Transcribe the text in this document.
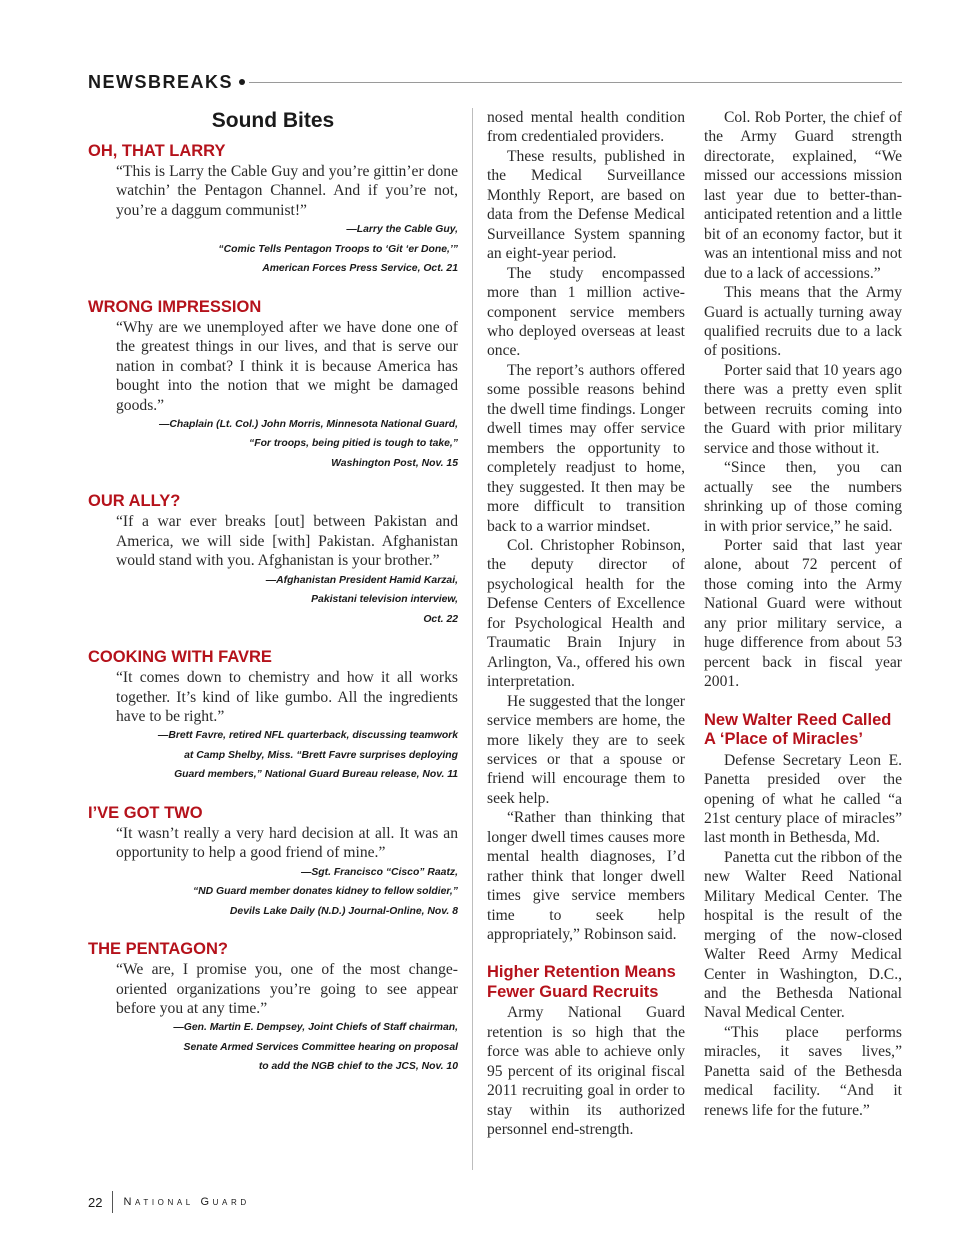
NEWSBREAKS
Sound Bites
OH, THAT LARRY

“This is Larry the Cable Guy and you’re gittin’er done watchin’ the Pentagon Channel. And if you’re not, you’re a daggum communist!”

—Larry the Cable Guy,
“Comic Tells Pentagon Troops to ‘Git ‘er Done,’”
American Forces Press Service, Oct. 21
WRONG IMPRESSION

“Why are we unemployed after we have done one of the greatest things in our lives, and that is serve our nation in combat? I think it is because America has bought into the notion that we might be damaged goods.”

—Chaplain (Lt. Col.) John Morris, Minnesota National Guard,
“For troops, being pitied is tough to take,”
Washington Post, Nov. 15
OUR ALLY?

“If a war ever breaks [out] between Pakistan and America, we will side [with] Pakistan. Afghanistan would stand with you. Afghanistan is your brother.”

—Afghanistan President Hamid Karzai,
Pakistani television interview,
Oct. 22
COOKING WITH FAVRE

“It comes down to chemistry and how it all works together. It’s kind of like gumbo. All the ingredients have to be right.”

—Brett Favre, retired NFL quarterback, discussing teamwork
at Camp Shelby, Miss. “Brett Favre surprises deploying
Guard members,” National Guard Bureau release, Nov. 11
I’VE GOT TWO

“It wasn’t really a very hard decision at all. It was an opportunity to help a good friend of mine.”

—Sgt. Francisco “Cisco” Raatz,
“ND Guard member donates kidney to fellow soldier,”
Devils Lake Daily (N.D.) Journal-Online, Nov. 8
THE PENTAGON?

“We are, I promise you, one of the most change-oriented organizations you’re going to see appear before you at any time.”

—Gen. Martin E. Dempsey, Joint Chiefs of Staff chairman,
Senate Armed Services Committee hearing on proposal
to add the NGB chief to the JCS, Nov. 10

nosed mental health condition from credentialed providers.

These results, published in the Medical Surveillance Monthly Report, are based on data from the Defense Medical Surveillance System spanning an eight-year period.

The study encompassed more than 1 million active-component service members who deployed overseas at least once.

The report’s authors offered some possible reasons behind the dwell time findings. Longer dwell times may offer service members the opportunity to completely readjust to home, they suggested. It then may be more difficult to transition back to a warrior mindset.

Col. Christopher Robinson, the deputy director of psychological health for the Defense Centers of Excellence for Psychological Health and Traumatic Brain Injury in Arlington, Va., offered his own interpretation.

He suggested that the longer service members are home, the more likely they are to seek services or that a spouse or friend will encourage them to seek help.

“Rather than thinking that longer dwell times causes more mental health diagnoses, I’d rather think that longer dwell times give service members time to seek help appropriately,” Robinson said.

Higher Retention Means Fewer Guard Recruits

Army National Guard retention is so high that the force was able to achieve only 95 percent of its original fiscal 2011 recruiting goal in order to stay within its authorized personnel end-strength.

Col. Rob Porter, the chief of the Army Guard strength directorate, explained, “We missed our accessions mission last year due to better-than-anticipated retention and a little bit of an economy factor, but it was an intentional miss and not due to a lack of accessions.”

This means that the Army Guard is actually turning away qualified recruits due to a lack of positions.

Porter said that 10 years ago there was a pretty even split between recruits coming into the Guard with prior military service and those without it.

“Since then, you can actually see the numbers shrinking up of those coming in with prior service,” he said.

Porter said that last year alone, about 72 percent of those coming into the Army National Guard were without any prior military service, a huge difference from about 53 percent back in fiscal year 2001.

New Walter Reed Called A ‘Place of Miracles’

Defense Secretary Leon E. Panetta presided over the opening of what he called “a 21st century place of miracles” last month in Bethesda, Md.

Panetta cut the ribbon of the new Walter Reed National Military Medical Center. The hospital is the result of the merging of the now-closed Walter Reed Army Medical Center in Washington, D.C., and the Bethesda National Naval Medical Center.

“This place performs miracles, it saves lives,” Panetta said of the Bethesda medical facility. “And it renews life for the future.”

22 National Guard
